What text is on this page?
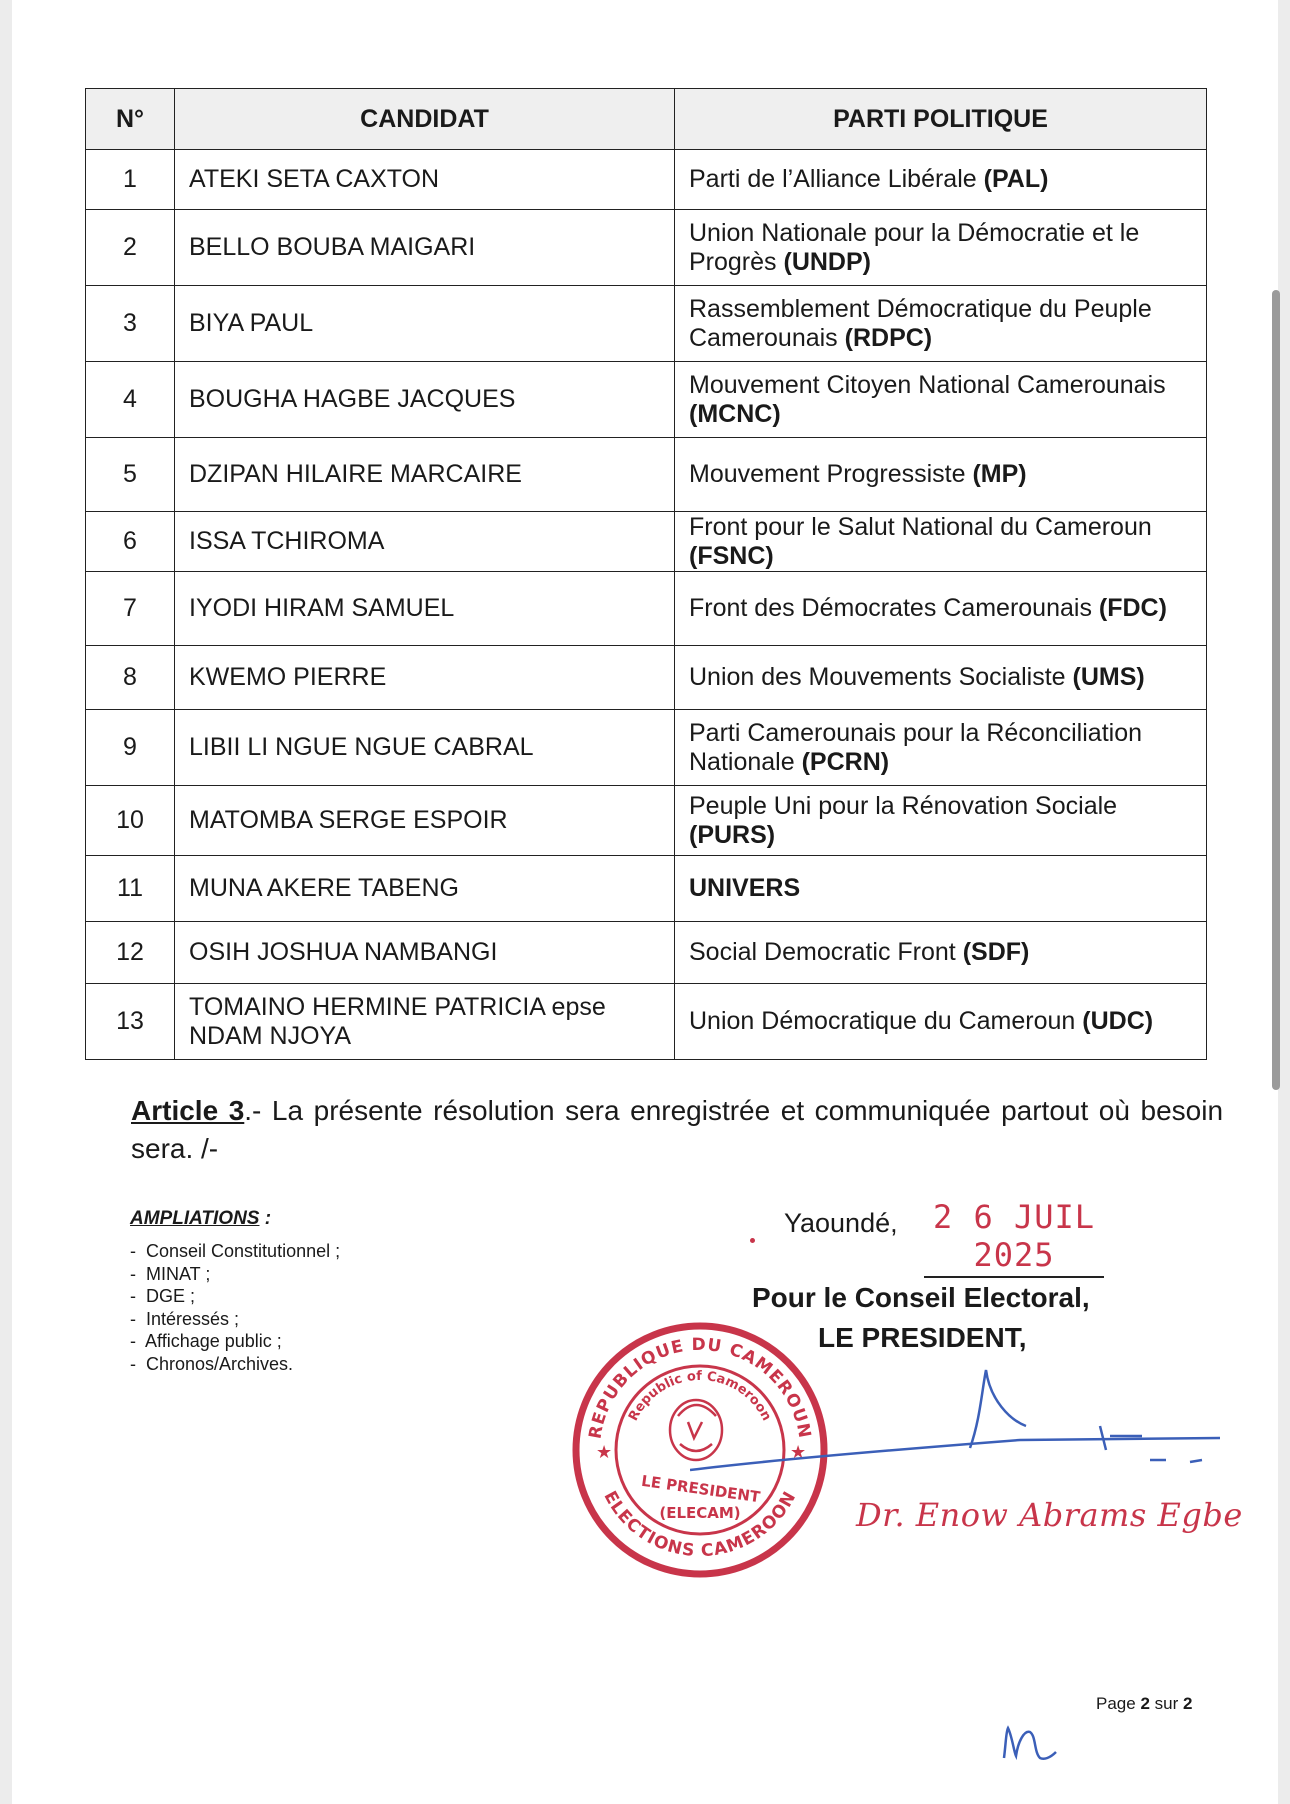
N°	CANDIDAT	PARTI POLITIQUE
1	ATEKI SETA CAXTON	Parti de l’Alliance Libérale (PAL)
2	BELLO BOUBA MAIGARI	Union Nationale pour la Démocratie et le Progrès (UNDP)
3	BIYA PAUL	Rassemblement Démocratique du Peuple Camerounais (RDPC)
4	BOUGHA HAGBE JACQUES	Mouvement Citoyen National Camerounais (MCNC)
5	DZIPAN HILAIRE MARCAIRE	Mouvement Progressiste (MP)
6	ISSA TCHIROMA	Front pour le Salut National du Cameroun (FSNC)
7	IYODI HIRAM SAMUEL	Front des Démocrates Camerounais (FDC)
8	KWEMO PIERRE	Union des Mouvements Socialiste (UMS)
9	LIBII LI NGUE NGUE CABRAL	Parti Camerounais pour la Réconciliation Nationale (PCRN)
10	MATOMBA SERGE ESPOIR	Peuple Uni pour la Rénovation Sociale (PURS)
11	MUNA AKERE TABENG	UNIVERS
12	OSIH JOSHUA NAMBANGI	Social Democratic Front (SDF)
13	TOMAINO HERMINE PATRICIA epse NDAM NJOYA	Union Démocratique du Cameroun (UDC)
Article 3.- La présente résolution sera enregistrée et communiquée partout où besoin sera. /-
AMPLIATIONS :
- Conseil Constitutionnel ;
- MINAT ;
- DGE ;
- Intéressés ;
- Affichage public ;
- Chronos/Archives.
Yaoundé, 2 6 JUIL 2025
Pour le Conseil Electoral,
LE PRESIDENT,
REPUBLIQUE DU CAMEROUN
Republic of Cameroon
ELECTIONS CAMEROON
LE PRESIDENT
(ELECAM)
★	★
Dr. Enow Abrams Egbe
Page 2 sur 2
